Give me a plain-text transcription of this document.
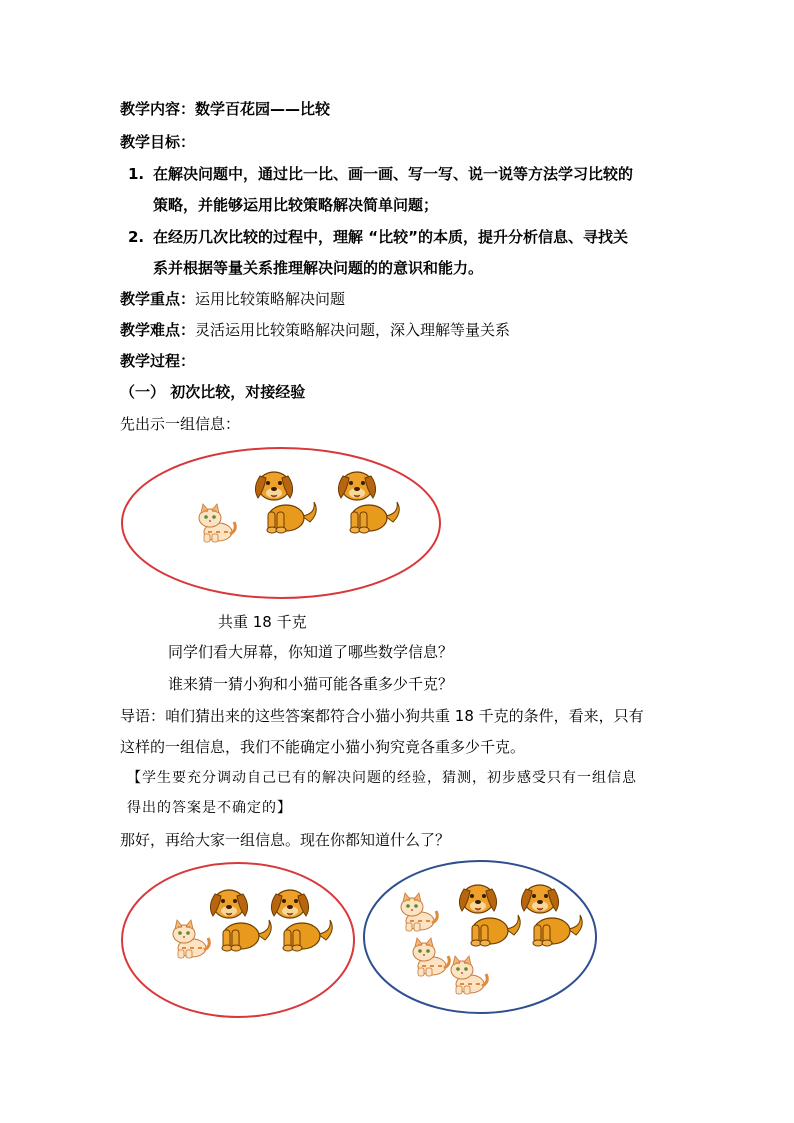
教学内容：数学百花园——比较
教学目标：
1. 在解决问题中，通过比一比、画一画、写一写、说一说等方法学习比较的
策略，并能够运用比较策略解决简单问题；
2. 在经历几次比较的过程中，理解 “比较”的本质，提升分析信息、寻找关
系并根据等量关系推理解决问题的的意识和能力。
教学重点：运用比较策略解决问题
教学难点：灵活运用比较策略解决问题，深入理解等量关系
教学过程：
（一） 初次比较，对接经验
先出示一组信息：
共重 18 千克
同学们看大屏幕，你知道了哪些数学信息？
谁来猜一猜小狗和小猫可能各重多少千克？
导语：咱们猜出来的这些答案都符合小猫小狗共重 18 千克的条件，看来，只有
这样的一组信息，我们不能确定小猫小狗究竟各重多少千克。
【学生要充分调动自己已有的解决问题的经验，猜测，初步感受只有一组信息
得出的答案是不确定的】
那好，再给大家一组信息。现在你都知道什么了？
